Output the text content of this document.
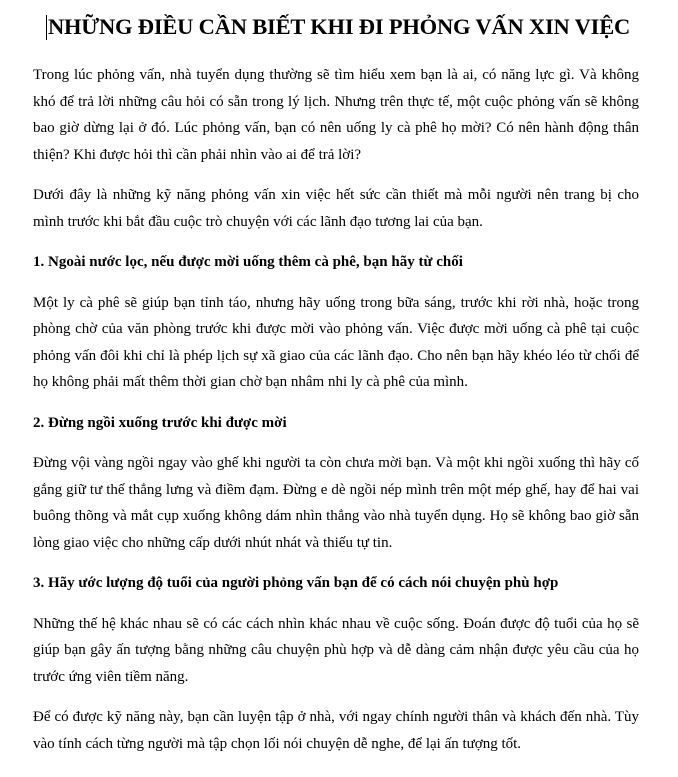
NHỮNG ĐIỀU CẦN BIẾT KHI ĐI PHỎNG VẤN XIN VIỆC

Trong lúc phỏng vấn, nhà tuyển dụng thường sẽ tìm hiểu xem bạn là ai, có năng lực gì. Và không khó để trả lời những câu hỏi có sẵn trong lý lịch. Nhưng trên thực tế, một cuộc phỏng vấn sẽ không bao giờ dừng lại ở đó. Lúc phỏng vấn, bạn có nên uống ly cà phê họ mời? Có nên hành động thân thiện? Khi được hỏi thì cần phải nhìn vào ai để trả lời?

Dưới đây là những kỹ năng phỏng vấn xin việc hết sức cần thiết mà mỗi người nên trang bị cho mình trước khi bắt đầu cuộc trò chuyện với các lãnh đạo tương lai của bạn.

1. Ngoài nước lọc, nếu được mời uống thêm cà phê, bạn hãy từ chối

Một ly cà phê sẽ giúp bạn tỉnh táo, nhưng hãy uống trong bữa sáng, trước khi rời nhà, hoặc trong phòng chờ của văn phòng trước khi được mời vào phỏng vấn. Việc được mời uống cà phê tại cuộc phỏng vấn đôi khi chỉ là phép lịch sự xã giao của các lãnh đạo. Cho nên bạn hãy khéo léo từ chối để họ không phải mất thêm thời gian chờ bạn nhâm nhi ly cà phê của mình.

2. Đừng ngồi xuống trước khi được mời

Đừng vội vàng ngồi ngay vào ghế khi người ta còn chưa mời bạn. Và một khi ngồi xuống thì hãy cố gắng giữ tư thế thẳng lưng và điềm đạm. Đừng e dè ngồi nép mình trên một mép ghế, hay để hai vai buông thõng và mắt cụp xuống không dám nhìn thẳng vào nhà tuyển dụng. Họ sẽ không bao giờ sẵn lòng giao việc cho những cấp dưới nhút nhát và thiếu tự tin.

3. Hãy ước lượng độ tuổi của người phỏng vấn bạn để có cách nói chuyện phù hợp

Những thế hệ khác nhau sẽ có các cách nhìn khác nhau về cuộc sống. Đoán được độ tuổi của họ sẽ giúp bạn gây ấn tượng bằng những câu chuyện phù hợp và dễ dàng cảm nhận được yêu cầu của họ trước ứng viên tiềm năng.

Để có được kỹ năng này, bạn cần luyện tập ở nhà, với ngay chính người thân và khách đến nhà. Tùy vào tính cách từng người mà tập chọn lối nói chuyện dễ nghe, để lại ấn tượng tốt.
